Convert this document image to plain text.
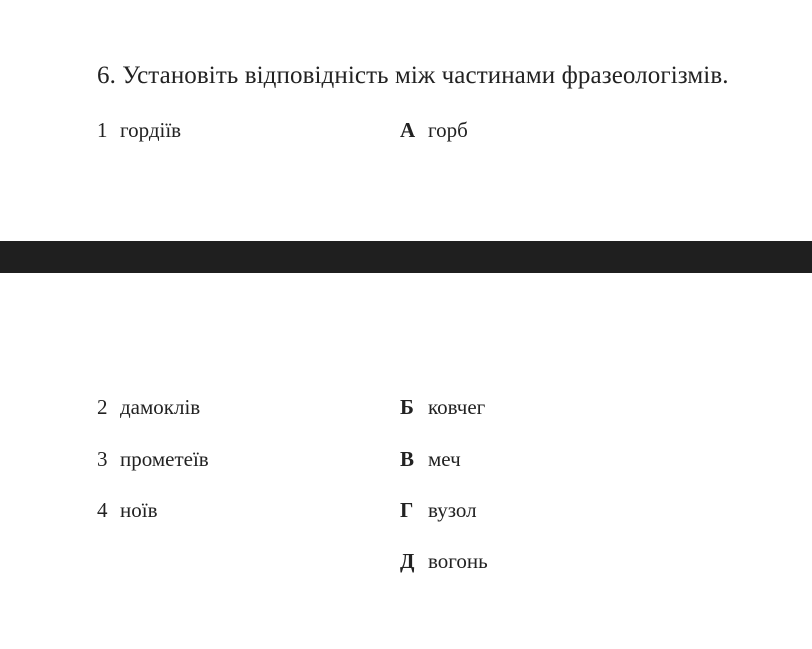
6. Установіть відповідність між частинами фразеологізмів.
1 гордіїв
2 дамоклів
3 прометеїв
4 ноїв
А горб
Б ковчег
В меч
Г вузол
Д вогонь
